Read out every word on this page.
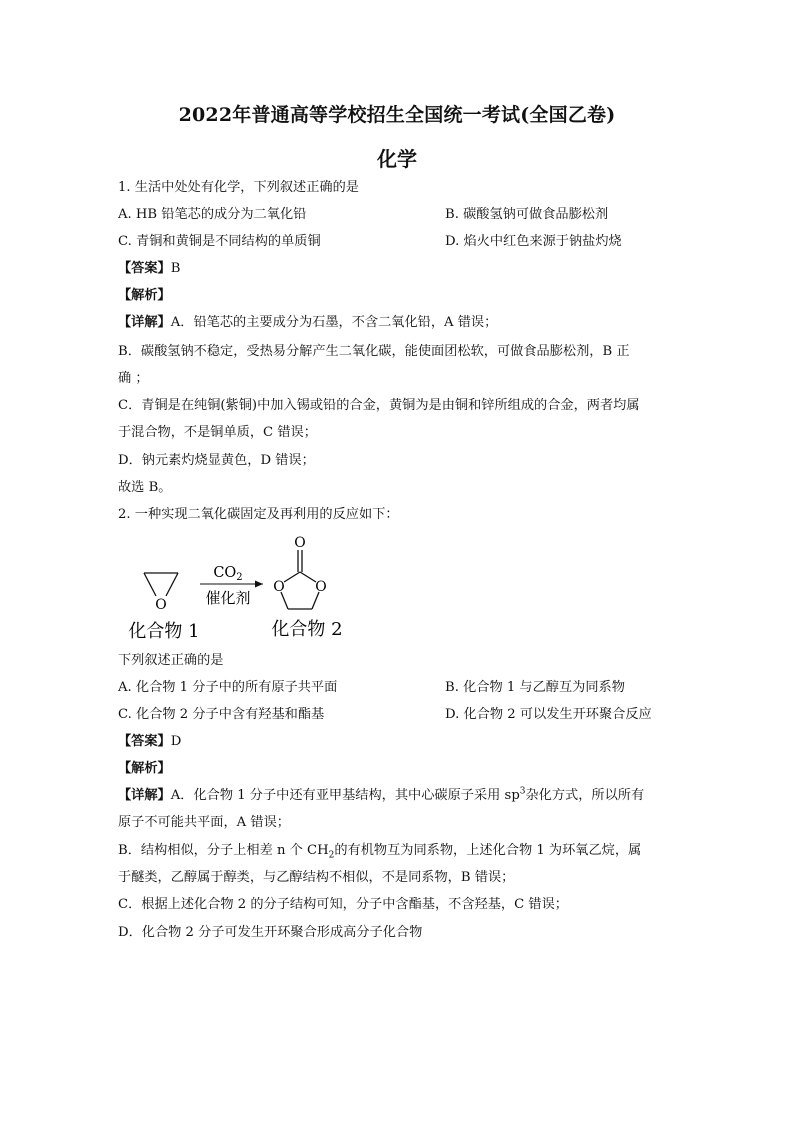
2022年普通高等学校招生全国统一考试(全国乙卷)
化学
1. 生活中处处有化学，下列叙述正确的是
A. HB 铅笔芯的成分为二氧化铅	B. 碳酸氢钠可做食品膨松剂
C. 青铜和黄铜是不同结构的单质铜	D. 焰火中红色来源于钠盐灼烧
【答案】B
【解析】
【详解】A．铅笔芯的主要成分为石墨，不含二氧化铅，A 错误；
B．碳酸氢钠不稳定，受热易分解产生二氧化碳，能使面团松软，可做食品膨松剂，B 正
确 ；
C．青铜是在纯铜(紫铜)中加入锡或铅的合金，黄铜为是由铜和锌所组成的合金，两者均属
于混合物，不是铜单质，C 错误；
D．钠元素灼烧显黄色，D 错误；
故选 B。
2. 一种实现二氧化碳固定及再利用的反应如下：
O
$CO_2$
催化剂
O
O O
化合物 1	化合物 2
下列叙述正确的是
A. 化合物 1 分子中的所有原子共平面	B. 化合物 1 与乙醇互为同系物
C. 化合物 2 分子中含有羟基和酯基	D. 化合物 2 可以发生开环聚合反应
【答案】D
【解析】
【详解】A．化合物 1 分子中还有亚甲基结构，其中心碳原子采用 $sp^3$杂化方式，所以所有
原子不可能共平面，A 错误；
B．结构相似，分子上相差 n 个 $CH_2$的有机物互为同系物，上述化合物 1 为环氧乙烷，属
于醚类，乙醇属于醇类，与乙醇结构不相似，不是同系物，B 错误；
C．根据上述化合物 2 的分子结构可知，分子中含酯基，不含羟基，C 错误；
D．化合物 2 分子可发生开环聚合形成高分子化合物
